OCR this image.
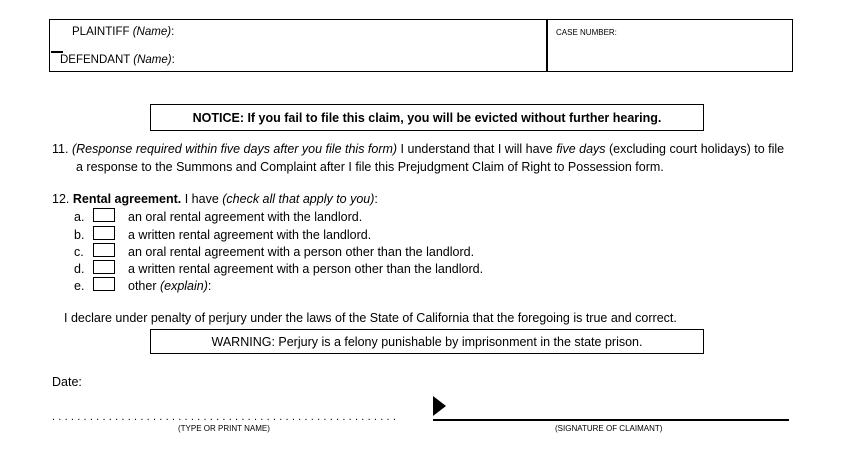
PLAINTIFF (Name):
DEFENDANT (Name):
CASE NUMBER:
NOTICE: If you fail to file this claim, you will be evicted without further hearing.
11. (Response required within five days after you file this form) I understand that I will have five days (excluding court holidays) to file
a response to the Summons and Complaint after I file this Prejudgment Claim of Right to Possession form.
12. Rental agreement. I have (check all that apply to you):
a.	an oral rental agreement with the landlord.
b.	a written rental agreement with the landlord.
c.	an oral rental agreement with a person other than the landlord.
d.	a written rental agreement with a person other than the landlord.
e.	other (explain):
I declare under penalty of perjury under the laws of the State of California that the foregoing is true and correct.
WARNING: Perjury is a felony punishable by imprisonment in the state prison.
Date:
. . . . . . . . . . . . . . . . . . . . . . . . . . . . . . . . . . . . . . . . . . . . . . . . . . . . . . .
(TYPE OR PRINT NAME)	(SIGNATURE OF CLAIMANT)
